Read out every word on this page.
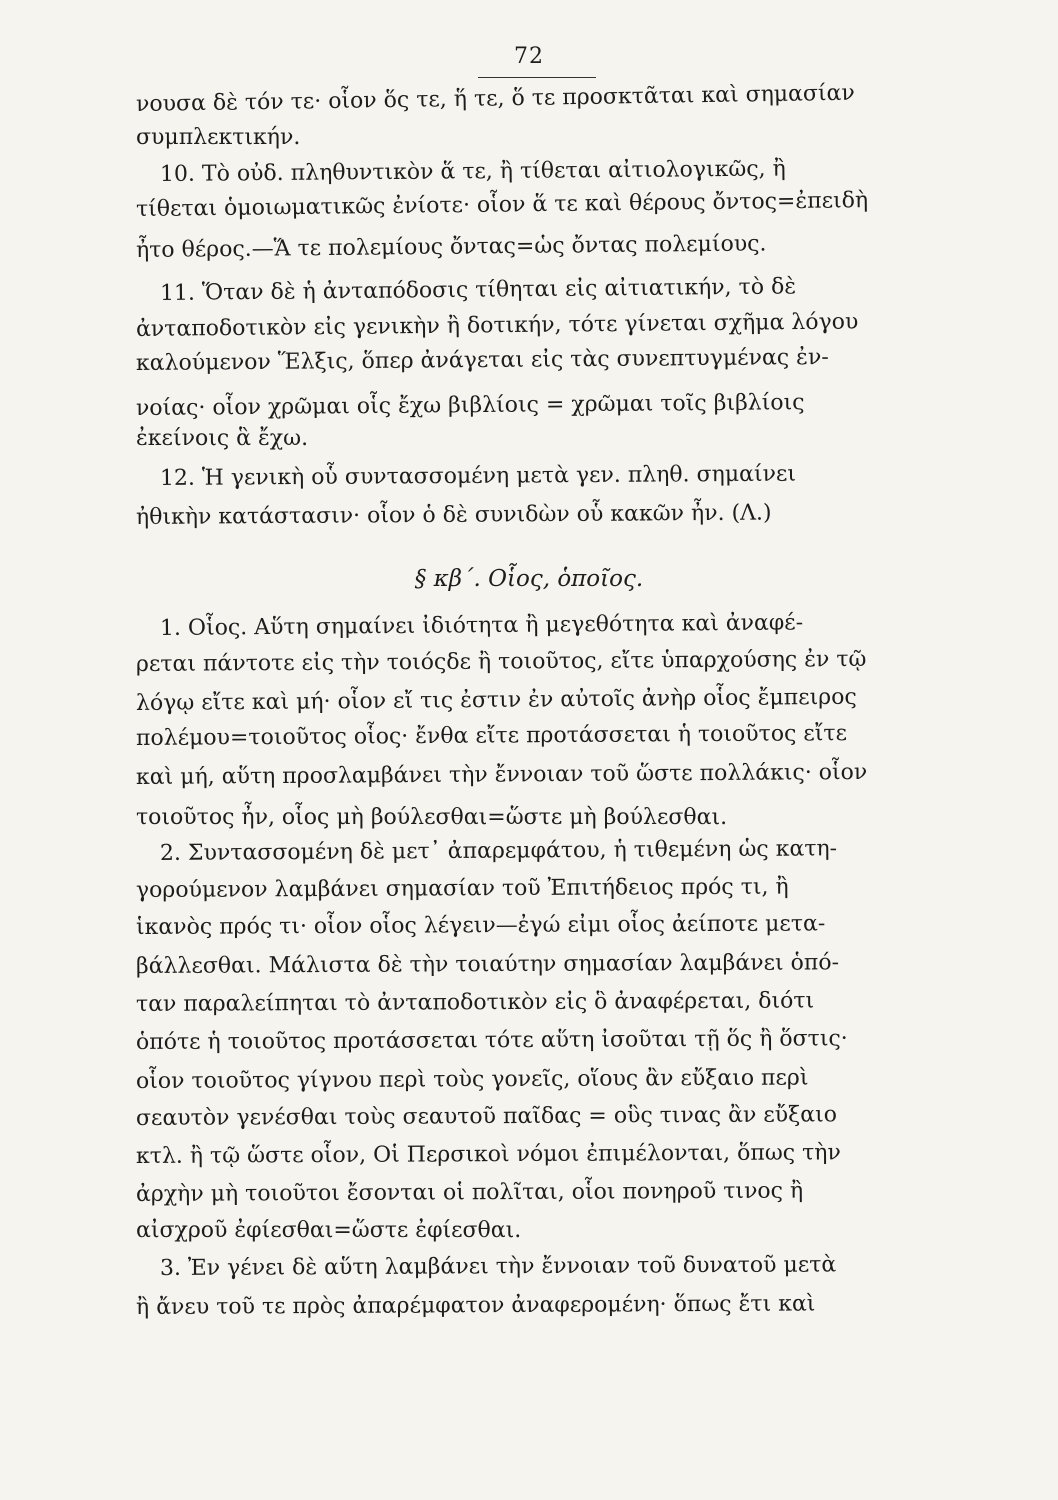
72
νουσα δὲ τόν τε· οἷον ὅς τε, ἥ τε, ὅ τε προσκτᾶται καὶ σημασίαν
συμπλεκτικήν.
10. Τὸ οὐδ. πληθυντικὸν ἅ τε, ἢ τίθεται αἰτιολογικῶς, ἢ
τίθεται ὁμοιωματικῶς ἐνίοτε· οἷον ἅ τε καὶ θέρους ὄντος=ἐπειδὴ
ἦτο θέρος.—Ἅ τε πολεμίους ὄντας=ὡς ὄντας πολεμίους.
11. Ὅταν δὲ ἡ ἀνταπόδοσις τίθηται εἰς αἰτιατικήν, τὸ δὲ
ἀνταποδοτικὸν εἰς γενικὴν ἢ δοτικήν, τότε γίνεται σχῆμα λόγου
καλούμενον Ἕλξις, ὅπερ ἀνάγεται εἰς τὰς συνεπτυγμένας ἐν-
νοίας· οἷον χρῶμαι οἷς ἔχω βιβλίοις = χρῶμαι τοῖς βιβλίοις
ἐκείνοις ἃ ἔχω.
12. Ἡ γενικὴ οὗ συντασσομένη μετὰ γεν. πληθ. σημαίνει
ἠθικὴν κατάστασιν· οἷον ὁ δὲ συνιδὼν οὗ κακῶν ἦν. (Λ.)
§ κβ΄. Οἷος, ὁποῖος.
1. Οἷος. Αὕτη σημαίνει ἰδιότητα ἢ μεγεθότητα καὶ ἀναφέ-
ρεται πάντοτε εἰς τὴν τοιόςδε ἢ τοιοῦτος, εἴτε ὑπαρχούσης ἐν τῷ
λόγῳ εἴτε καὶ μή· οἷον εἴ τις ἐστιν ἐν αὐτοῖς ἀνὴρ οἷος ἔμπειρος
πολέμου=τοιοῦτος οἷος· ἔνθα εἴτε προτάσσεται ἡ τοιοῦτος εἴτε
καὶ μή, αὕτη προσλαμβάνει τὴν ἔννοιαν τοῦ ὥστε πολλάκις· οἷον
τοιοῦτος ἦν, οἷος μὴ βούλεσθαι=ὥστε μὴ βούλεσθαι.
2. Συντασσομένη δὲ μετ᾽ ἀπαρεμφάτου, ἡ τιθεμένη ὡς κατη-
γορούμενον λαμβάνει σημασίαν τοῦ Ἐπιτήδειος πρός τι, ἢ
ἱκανὸς πρός τι· οἷον οἷος λέγειν—ἐγώ εἰμι οἷος ἀείποτε μετα-
βάλλεσθαι. Μάλιστα δὲ τὴν τοιαύτην σημασίαν λαμβάνει ὁπό-
ταν παραλείπηται τὸ ἀνταποδοτικὸν εἰς ὃ ἀναφέρεται, διότι
ὁπότε ἡ τοιοῦτος προτάσσεται τότε αὕτη ἰσοῦται τῇ ὅς ἢ ὅστις·
οἷον τοιοῦτος γίγνου περὶ τοὺς γονεῖς, οἵους ἂν εὔξαιο περὶ
σεαυτὸν γενέσθαι τοὺς σεαυτοῦ παῖδας = οὓς τινας ἂν εὔξαιο
κτλ. ἢ τῷ ὥστε οἷον, Οἱ Περσικοὶ νόμοι ἐπιμέλονται, ὅπως τὴν
ἀρχὴν μὴ τοιοῦτοι ἔσονται οἱ πολῖται, οἷοι πονηροῦ τινος ἢ
αἰσχροῦ ἐφίεσθαι=ὥστε ἐφίεσθαι.
3. Ἐν γένει δὲ αὕτη λαμβάνει τὴν ἔννοιαν τοῦ δυνατοῦ μετὰ
ἢ ἄνευ τοῦ τε πρὸς ἀπαρέμφατον ἀναφερομένη· ὅπως ἔτι καὶ
